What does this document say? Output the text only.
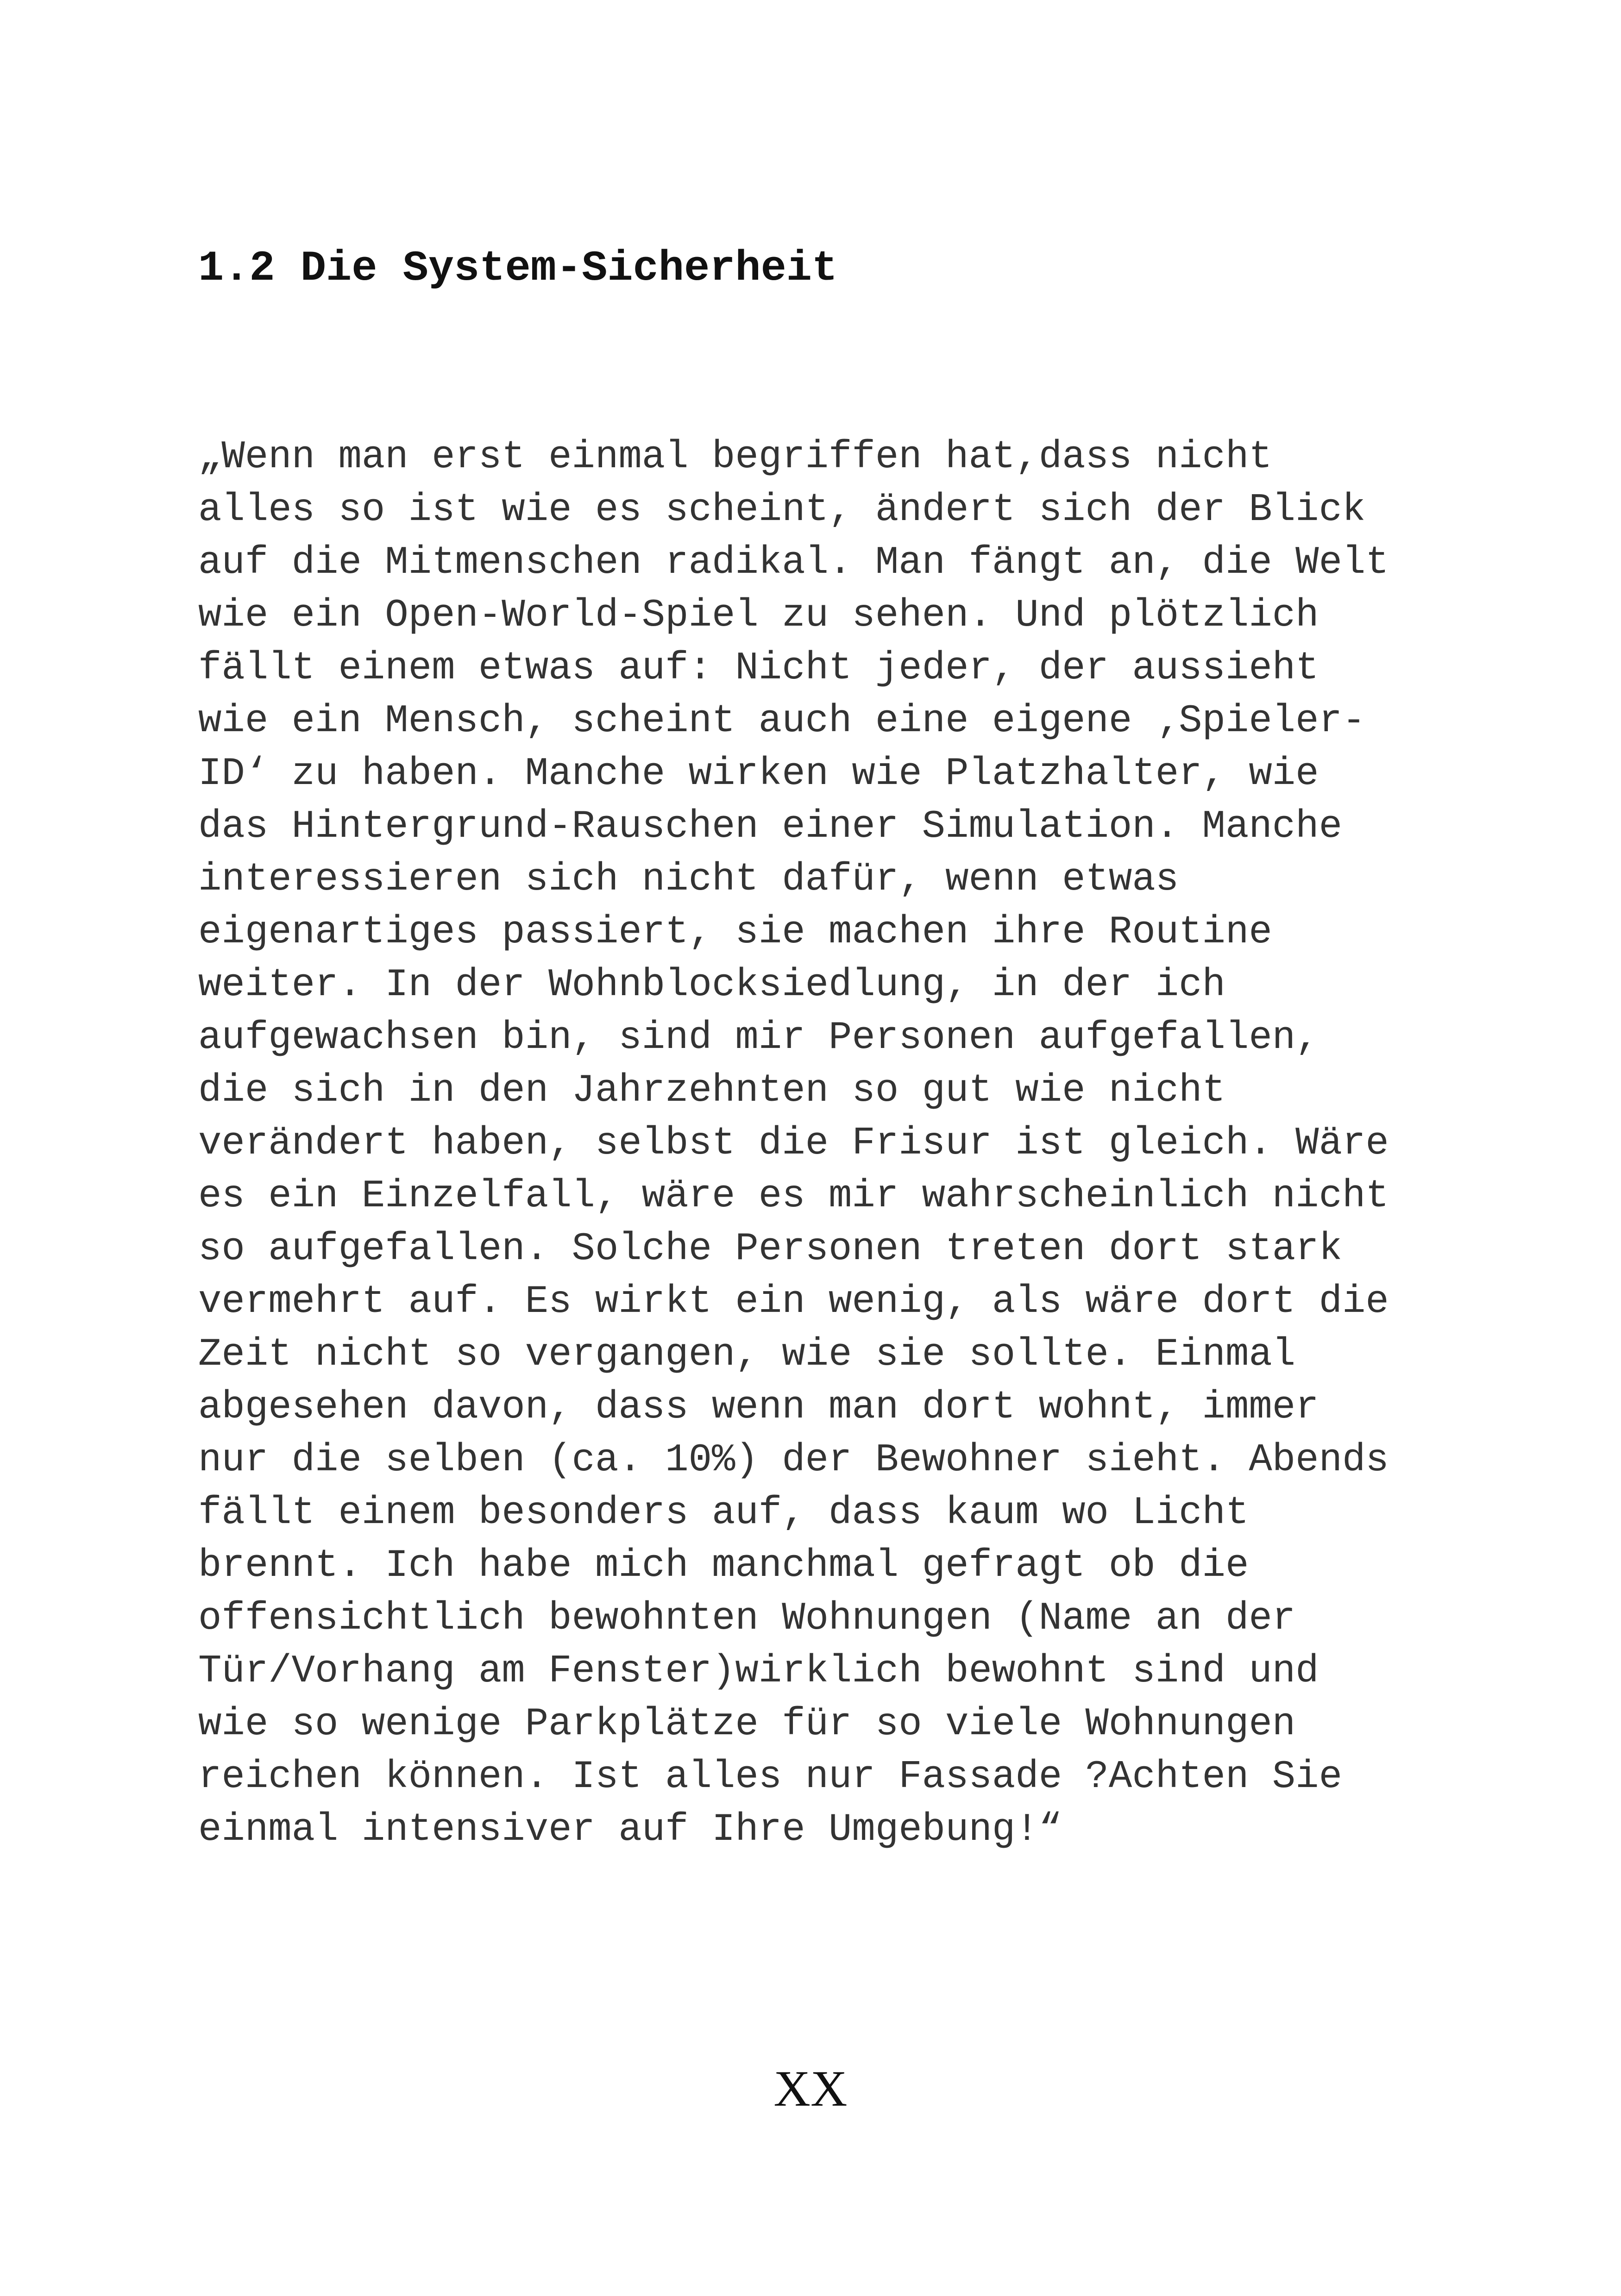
1.2 Die System-Sicherheit
„Wenn man erst einmal begriffen hat,dass nicht
alles so ist wie es scheint, ändert sich der Blick
auf die Mitmenschen radikal. Man fängt an, die Welt
wie ein Open-World-Spiel zu sehen. Und plötzlich
fällt einem etwas auf: Nicht jeder, der aussieht
wie ein Mensch, scheint auch eine eigene ‚Spieler-
ID‘ zu haben. Manche wirken wie Platzhalter, wie
das Hintergrund-Rauschen einer Simulation. Manche
interessieren sich nicht dafür, wenn etwas
eigenartiges passiert, sie machen ihre Routine
weiter. In der Wohnblocksiedlung, in der ich
aufgewachsen bin, sind mir Personen aufgefallen,
die sich in den Jahrzehnten so gut wie nicht
verändert haben, selbst die Frisur ist gleich. Wäre
es ein Einzelfall, wäre es mir wahrscheinlich nicht
so aufgefallen. Solche Personen treten dort stark
vermehrt auf. Es wirkt ein wenig, als wäre dort die
Zeit nicht so vergangen, wie sie sollte. Einmal
abgesehen davon, dass wenn man dort wohnt, immer
nur die selben (ca. 10%) der Bewohner sieht. Abends
fällt einem besonders auf, dass kaum wo Licht
brennt. Ich habe mich manchmal gefragt ob die
offensichtlich bewohnten Wohnungen (Name an der
Tür/Vorhang am Fenster)wirklich bewohnt sind und
wie so wenige Parkplätze für so viele Wohnungen
reichen können. Ist alles nur Fassade ?Achten Sie
einmal intensiver auf Ihre Umgebung!“
XX
